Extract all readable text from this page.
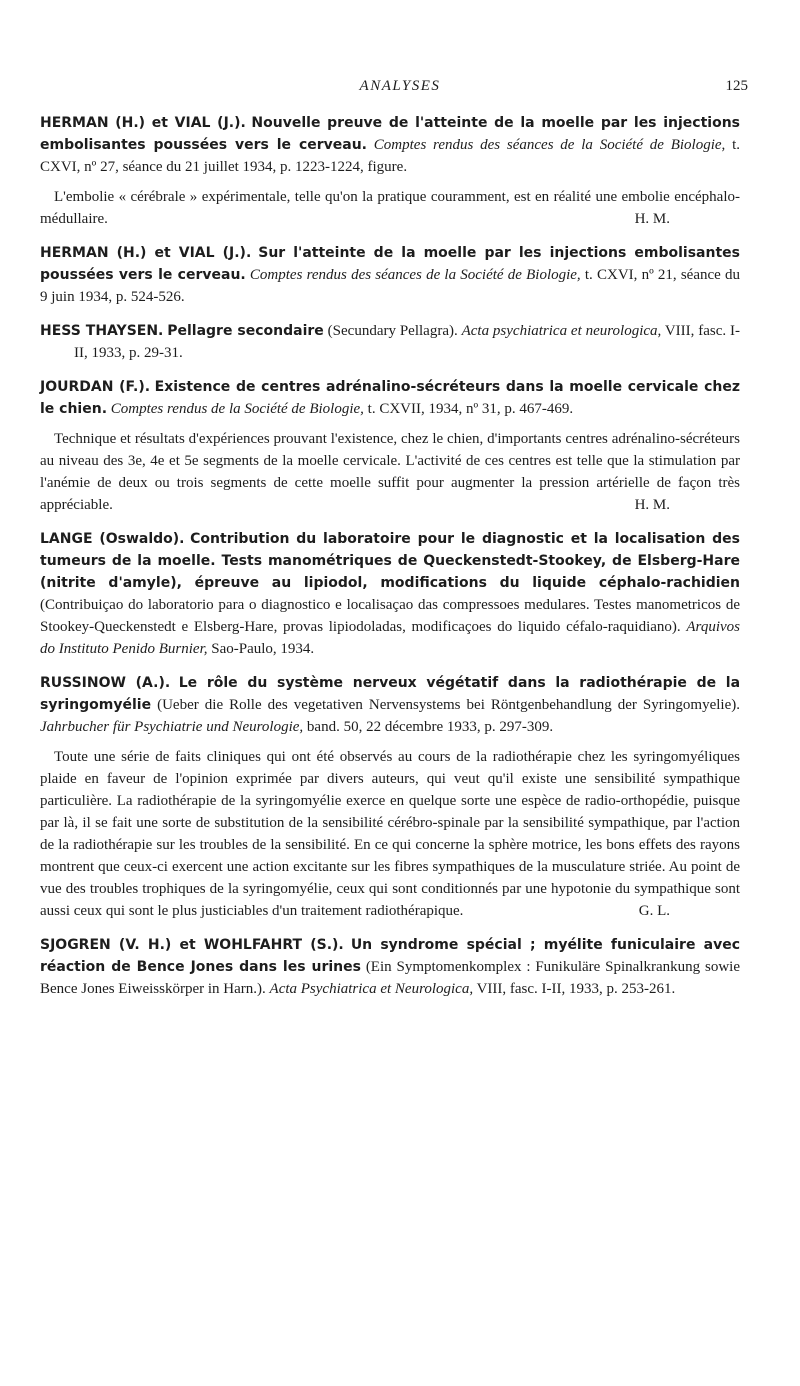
ANALYSES	125

HERMAN (H.) et VIAL (J.). Nouvelle preuve de l'atteinte de la moelle par les injections embolisantes poussées vers le cerveau. Comptes rendus des séances de la Société de Biologie, t. CXVI, nº 27, séance du 21 juillet 1934, p. 1223-1224, figure.

L'embolie « cérébrale » expérimentale, telle qu'on la pratique couramment, est en réalité une embolie encéphalo-médullaire.	H. M.

HERMAN (H.) et VIAL (J.). Sur l'atteinte de la moelle par les injections embolisantes poussées vers le cerveau. Comptes rendus des séances de la Société de Biologie, t. CXVI, nº 21, séance du 9 juin 1934, p. 524-526.

HESS THAYSEN. Pellagre secondaire (Secundary Pellagra). Acta psychiatrica et neurologica, VIII, fasc. I-II, 1933, p. 29-31.

JOURDAN (F.). Existence de centres adrénalino-sécréteurs dans la moelle cervicale chez le chien. Comptes rendus de la Société de Biologie, t. CXVII, 1934, nº 31, p. 467-469.

Technique et résultats d'expériences prouvant l'existence, chez le chien, d'importants centres adrénalino-sécréteurs au niveau des 3e, 4e et 5e segments de la moelle cervicale. L'activité de ces centres est telle que la stimulation par l'anémie de deux ou trois segments de cette moelle suffit pour augmenter la pression artérielle de façon très appréciable.	H. M.

LANGE (Oswaldo). Contribution du laboratoire pour le diagnostic et la localisation des tumeurs de la moelle. Tests manométriques de Queckenstedt-Stookey, de Elsberg-Hare (nitrite d'amyle), épreuve au lipiodol, modifications du liquide céphalo-rachidien (Contribuiçao do laboratorio para o diagnostico e localisaçao das compressoes medulares. Testes manometricos de Stookey-Queckenstedt e Elsberg-Hare, provas lipiodoladas, modificaçoes do liquido céfalo-raquidiano). Arquivos do Instituto Penido Burnier, Sao-Paulo, 1934.

RUSSINOW (A.). Le rôle du système nerveux végétatif dans la radiothérapie de la syringomyélie (Ueber die Rolle des vegetativen Nervensystems bei Röntgenbehandlung der Syringomyelie). Jahrbucher für Psychiatrie und Neurologie, band. 50, 22 décembre 1933, p. 297-309.

Toute une série de faits cliniques qui ont été observés au cours de la radiothérapie chez les syringomyéliques plaide en faveur de l'opinion exprimée par divers auteurs, qui veut qu'il existe une sensibilité sympathique particulière. La radiothérapie de la syringomyélie exerce en quelque sorte une espèce de radio-orthopédie, puisque par là, il se fait une sorte de substitution de la sensibilité cérébro-spinale par la sensibilité sympathique, par l'action de la radiothérapie sur les troubles de la sensibilité. En ce qui concerne la sphère motrice, les bons effets des rayons montrent que ceux-ci exercent une action excitante sur les fibres sympathiques de la musculature striée. Au point de vue des troubles trophiques de la syringomyélie, ceux qui sont conditionnés par une hypotonie du sympathique sont aussi ceux qui sont le plus justiciables d'un traitement radiothérapique.	G. L.

SJOGREN (V. H.) et WOHLFAHRT (S.). Un syndrome spécial ; myélite funiculaire avec réaction de Bence Jones dans les urines (Ein Symptomenkomplex : Funikuläre Spinalkrankung sowie Bence Jones Eiweisskörper in Harn.). Acta Psychiatrica et Neurologica, VIII, fasc. I-II, 1933, p. 253-261.
